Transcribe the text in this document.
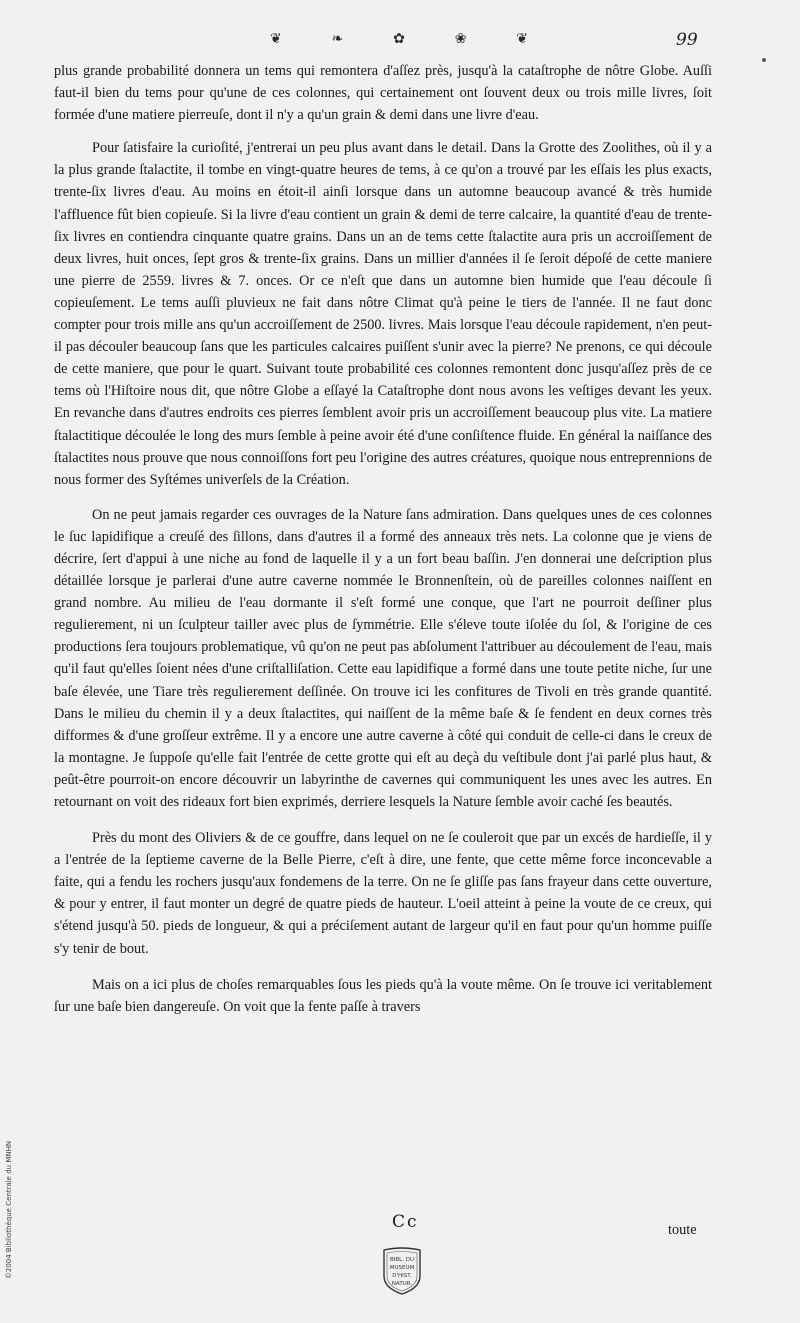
❦	❧	✿	❀	❦	99

plus grande probabilité donnera un tems qui remontera d'aſſez près, jusqu'à la cataſtrophe de nôtre Globe. Auſſi faut-il bien du tems pour qu'une de ces colonnes, qui certainement ont ſouvent deux ou trois mille livres, ſoit formée d'une matiere pierreuſe, dont il n'y a qu'un grain & demi dans une livre d'eau.

Pour ſatisfaire la curioſité, j'entrerai un peu plus avant dans le detail. Dans la Grotte des Zoolithes, où il y a la plus grande ſtalactite, il tombe en vingt-quatre heures de tems, à ce qu'on a trouvé par les eſſais les plus exacts, trente-ſix livres d'eau. Au moins en étoit-il ainſi lorsque dans un automne beaucoup avancé & très humide l'affluence fût bien copieuſe. Si la livre d'eau contient un grain & demi de terre calcaire, la quantité d'eau de trente-ſix livres en contiendra cinquante quatre grains. Dans un an de tems cette ſtalactite aura pris un accroiſſement de deux livres, huit onces, ſept gros & trente-ſix grains. Dans un millier d'années il ſe ſeroit dépoſé de cette maniere une pierre de 2559. livres & 7. onces. Or ce n'eſt que dans un automne bien humide que l'eau découle ſi copieuſement. Le tems auſſi pluvieux ne fait dans nôtre Climat qu'à peine le tiers de l'année. Il ne faut donc compter pour trois mille ans qu'un accroiſſement de 2500. livres. Mais lorsque l'eau découle rapidement, n'en peut-il pas découler beaucoup ſans que les particules calcaires puiſſent s'unir avec la pierre? Ne prenons, ce qui découle de cette maniere, que pour le quart. Suivant toute probabilité ces colonnes remontent donc jusqu'aſſez près de ce tems où l'Hiſtoire nous dit, que nôtre Globe a eſſayé la Cataſtrophe dont nous avons les veſtiges devant les yeux. En revanche dans d'autres endroits ces pierres ſemblent avoir pris un accroiſſement beaucoup plus vite. La matiere ſtalactitique découlée le long des murs ſemble à peine avoir été d'une conſiſtence fluide. En général la naiſſance des ſtalactites nous prouve que nous connoiſſons fort peu l'origine des autres créatures, quoique nous entreprennions de nous former des Syſtémes univerſels de la Création.

On ne peut jamais regarder ces ouvrages de la Nature ſans admiration. Dans quelques unes de ces colonnes le ſuc lapidifique a creuſé des ſillons, dans d'autres il a formé des anneaux très nets. La colonne que je viens de décrire, ſert d'appui à une niche au fond de laquelle il y a un fort beau baſſin. J'en donnerai une deſcription plus détaillée lorsque je parlerai d'une autre caverne nommée le Bronnenſtein, où de pareilles colonnes naiſſent en grand nombre. Au milieu de l'eau dormante il s'eſt formé une conque, que l'art ne pourroit deſſiner plus regulierement, ni un ſculpteur tailler avec plus de ſymmétrie. Elle s'éleve toute iſolée du ſol, & l'origine de ces productions ſera toujours problematique, vû qu'on ne peut pas abſolument l'attribuer au découlement de l'eau, mais qu'il faut qu'elles ſoient nées d'une criſtalliſation. Cette eau lapidifique a formé dans une toute petite niche, ſur une baſe élevée, une Tiare très regulierement deſſinée. On trouve ici les confitures de Tivoli en très grande quantité. Dans le milieu du chemin il y a deux ſtalactites, qui naiſſent de la même baſe & ſe fendent en deux cornes très difformes & d'une groſſeur extrême. Il y a encore une autre caverne à côté qui conduit de celle-ci dans le creux de la montagne. Je ſuppoſe qu'elle fait l'entrée de cette grotte qui eſt au deçà du veſtibule dont j'ai parlé plus haut, & peût-être pourroit-on encore découvrir un labyrinthe de cavernes qui communiquent les unes avec les autres. En retournant on voit des rideaux fort bien exprimés, derriere lesquels la Nature ſemble avoir caché ſes beautés.

Près du mont des Oliviers & de ce gouffre, dans lequel on ne ſe couleroit que par un excés de hardieſſe, il y a l'entrée de la ſeptieme caverne de la Belle Pierre, c'eſt à dire, une fente, que cette même force inconcevable a faite, qui a fendu les rochers jusqu'aux fondemens de la terre. On ne ſe gliſſe pas ſans frayeur dans cette ouverture, & pour y entrer, il faut monter un degré de quatre pieds de hauteur. L'oeil atteint à peine la voute de ce creux, qui s'étend jusqu'à 50. pieds de longueur, & qui a préciſement autant de largeur qu'il en faut pour qu'un homme puiſſe s'y tenir de bout.

Mais on a ici plus de choſes remarquables ſous les pieds qu'à la voute même. On ſe trouve ici veritablement ſur une baſe bien dangereuſe. On voit que la fente paſſe à travers

Cc	toute
BIBL. DU
MUSEUM
D'HIST.
NATUR.
©2004 Bibliothèque Centrale du MNHN
